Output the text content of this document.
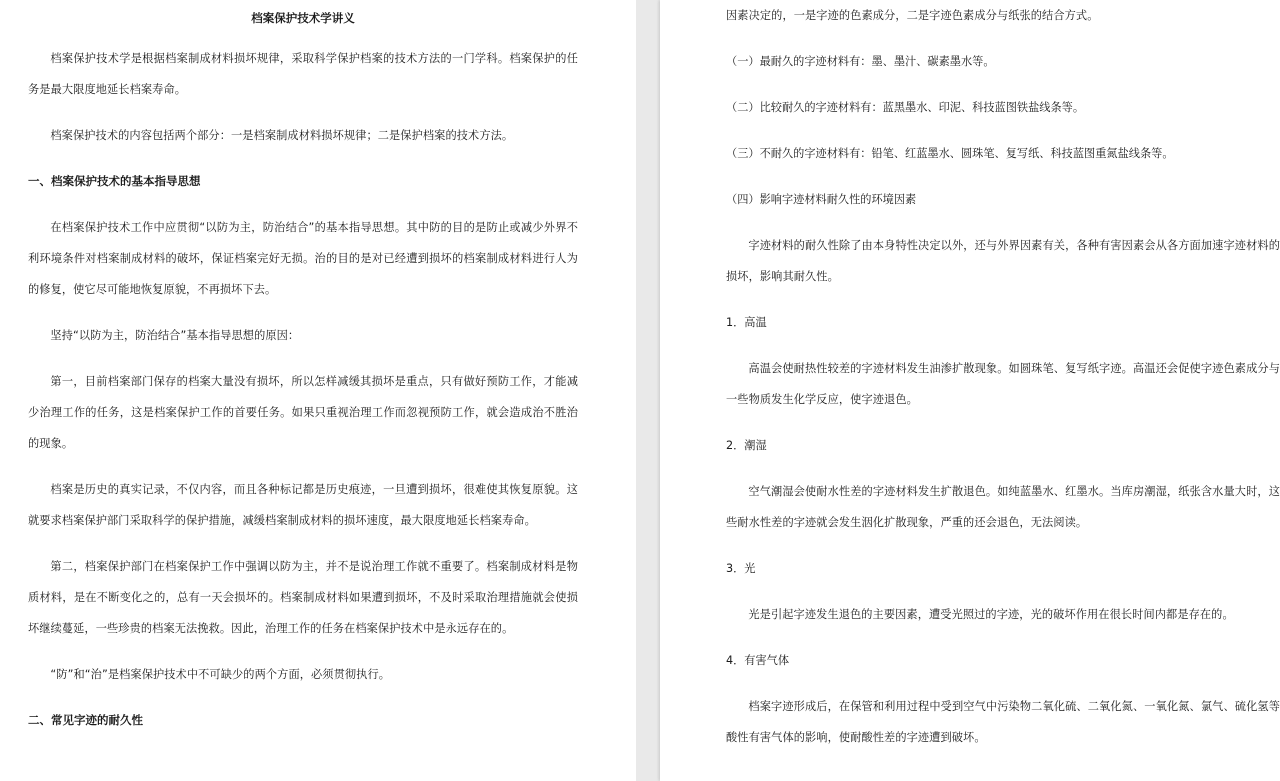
档案保护技术学讲义

档案保护技术学是根据档案制成材料损坏规律，采取科学保护档案的技术方法的一门学科。档案保护的任务是最大限度地延长档案寿命。

档案保护技术的内容包括两个部分：一是档案制成材料损坏规律；二是保护档案的技术方法。

一、档案保护技术的基本指导思想

在档案保护技术工作中应贯彻“以防为主，防治结合”的基本指导思想。其中防的目的是防止或减少外界不利环境条件对档案制成材料的破坏，保证档案完好无损。治的目的是对已经遭到损坏的档案制成材料进行人为的修复，使它尽可能地恢复原貌，不再损坏下去。

坚持“以防为主，防治结合”基本指导思想的原因：

第一，目前档案部门保存的档案大量没有损坏，所以怎样减缓其损坏是重点，只有做好预防工作，才能减少治理工作的任务，这是档案保护工作的首要任务。如果只重视治理工作而忽视预防工作，就会造成治不胜治的现象。

档案是历史的真实记录，不仅内容，而且各种标记都是历史痕迹，一旦遭到损坏，很难使其恢复原貌。这就要求档案保护部门采取科学的保护措施，减缓档案制成材料的损坏速度，最大限度地延长档案寿命。

第二，档案保护部门在档案保护工作中强调以防为主，并不是说治理工作就不重要了。档案制成材料是物质材料，是在不断变化之的，总有一天会损坏的。档案制成材料如果遭到损坏，不及时采取治理措施就会使损坏继续蔓延，一些珍贵的档案无法挽救。因此，治理工作的任务在档案保护技术中是永远存在的。

“防”和“治”是档案保护技术中不可缺少的两个方面，必须贯彻执行。

二、常见字迹的耐久性

因素决定的，一是字迹的色素成分，二是字迹色素成分与纸张的结合方式。

（一）最耐久的字迹材料有：墨、墨汁、碳素墨水等。
（二）比较耐久的字迹材料有：蓝黑墨水、印泥、科技蓝图铁盐线条等。
（三）不耐久的字迹材料有：铅笔、红蓝墨水、圆珠笔、复写纸、科技蓝图重氮盐线条等。
（四）影响字迹材料耐久性的环境因素

字迹材料的耐久性除了由本身特性决定以外，还与外界因素有关，各种有害因素会从各方面加速字迹材料的损坏，影响其耐久性。

1．高温

高温会使耐热性较差的字迹材料发生油渗扩散现象。如圆珠笔、复写纸字迹。高温还会促使字迹色素成分与一些物质发生化学反应，使字迹退色。

2．潮湿

空气潮湿会使耐水性差的字迹材料发生扩散退色。如纯蓝墨水、红墨水。当库房潮湿，纸张含水量大时，这些耐水性差的字迹就会发生洇化扩散现象，严重的还会退色，无法阅读。

3．光

光是引起字迹发生退色的主要因素，遭受光照过的字迹，光的破坏作用在很长时间内都是存在的。

4．有害气体

档案字迹形成后，在保管和利用过程中受到空气中污染物二氧化硫、二氧化氮、一氧化氮、氯气、硫化氢等酸性有害气体的影响，使耐酸性差的字迹遭到破坏。
